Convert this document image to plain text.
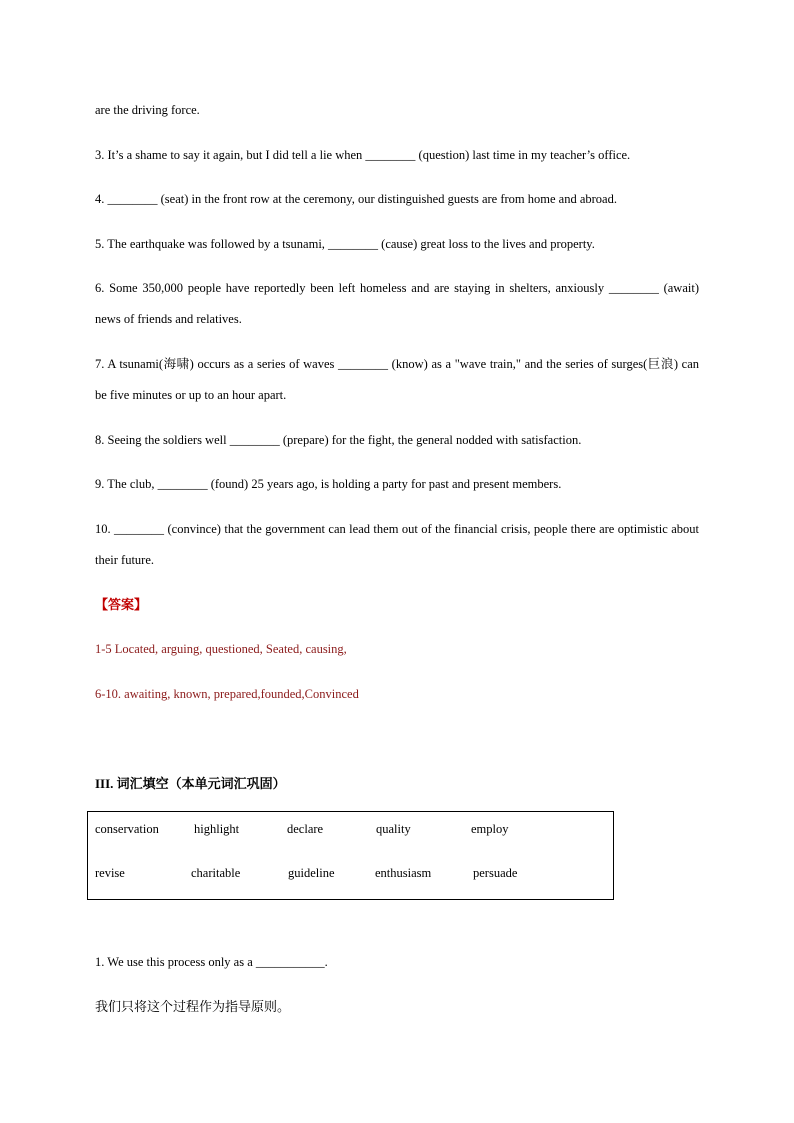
are the driving force.

3. It’s a shame to say it again, but I did tell a lie when ________ (question) last time in my teacher’s office.

4. ________ (seat) in the front row at the ceremony, our distinguished guests are from home and abroad.

5. The earthquake was followed by a tsunami, ________ (cause) great loss to the lives and property.

6. Some 350,000 people have reportedly been left homeless and are staying in shelters, anxiously ________ (await) news of friends and relatives.

7. A tsunami(海啸) occurs as a series of waves ________ (know) as a "wave train," and the series of surges(巨浪) can be five minutes or up to an hour apart.

8. Seeing the soldiers well ________ (prepare) for the fight, the general nodded with satisfaction.

9. The club, ________ (found) 25 years ago, is holding a party for past and present members.

10. ________ (convince) that the government can lead them out of the financial crisis, people there are optimistic about their future.

【答案】

1-5 Located, arguing, questioned, Seated, causing,

6-10. awaiting, known, prepared,founded,Convinced

III. 词汇填空（本单元词汇巩固）

conservation	highlight	declare	quality	employ
revise	charitable	guideline	enthusiasm	persuade

1. We use this process only as a ___________.

我们只将这个过程作为指导原则。
